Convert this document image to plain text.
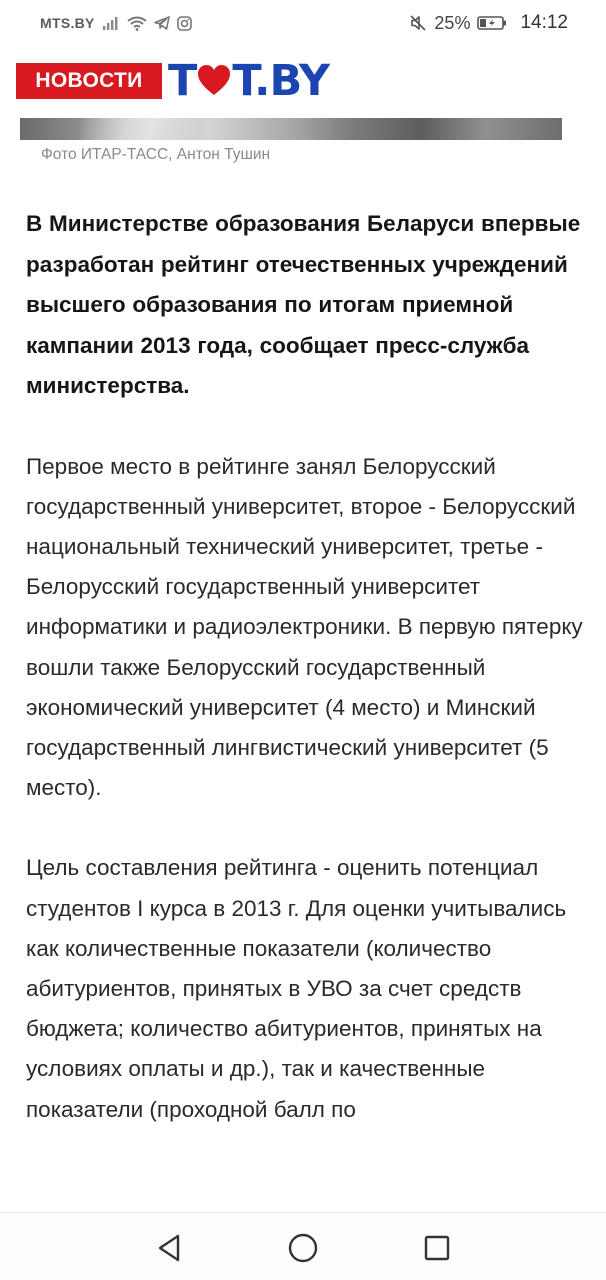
MTS.BY	25%	14:12
НОВОСТИ T T.BY
Фото ИТАР-ТАСС, Антон Тушин

В Министерстве образования Беларуси впервые разработан рейтинг отечественных учреждений высшего образования по итогам приемной кампании 2013 года, сообщает пресс-служба министерства.

Первое место в рейтинге занял Белорусский государственный университет, второе - Белорусский национальный технический университет, третье - Белорусский государственный университет информатики и радиоэлектроники. В первую пятерку вошли также Белорусский государственный экономический университет (4 место) и Минский государственный лингвистический университет (5 место).

Цель составления рейтинга - оценить потенциал студентов I курса в 2013 г. Для оценки учитывались как количественные показатели (количество абитуриентов, принятых в УВО за счет средств бюджета; количество абитуриентов, принятых на условиях оплаты и др.), так и качественные показатели (проходной балл по
